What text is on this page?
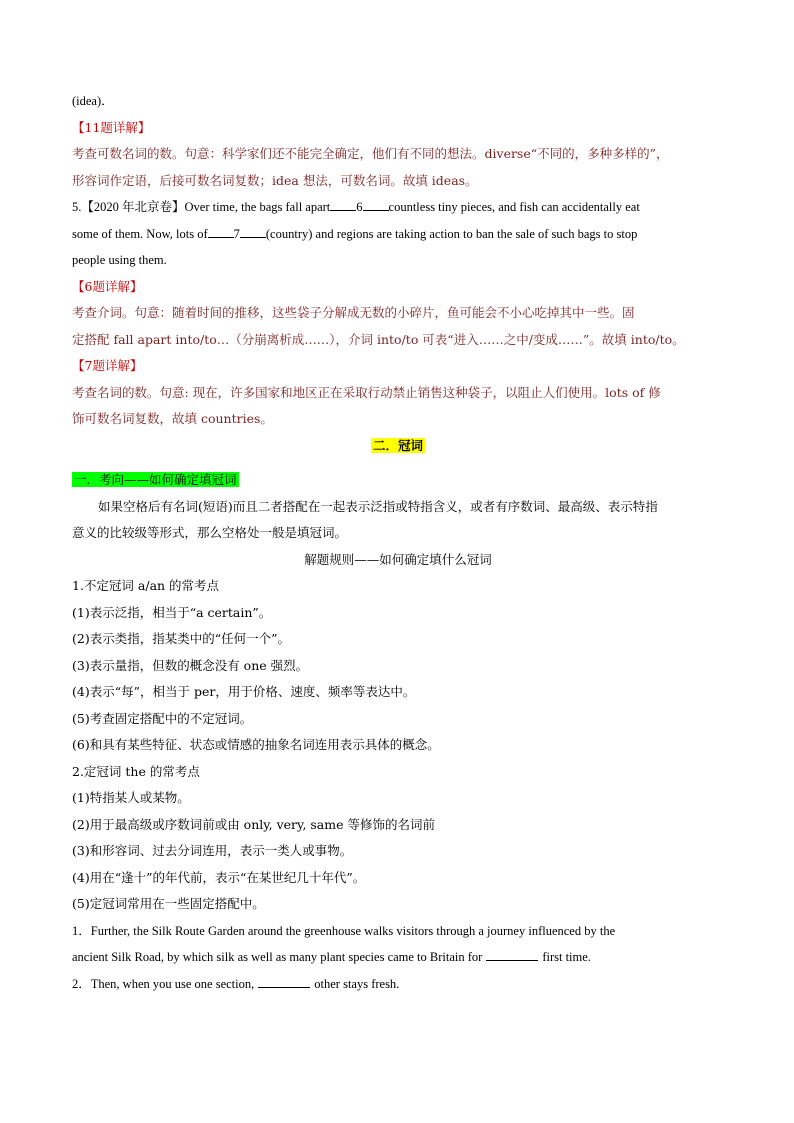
(idea)．
【11题详解】
考查可数名词的数。句意：科学家们还不能完全确定，他们有不同的想法。diverse“不同的，多种多样的”，
形容词作定语，后接可数名词复数；idea 想法，可数名词。故填 ideas。
5.【2020 年北京卷】Over time, the bags fall apart 6 countless tiny pieces, and fish can accidentally eat
some of them. Now, lots of 7 (country) and regions are taking action to ban the sale of such bags to stop
people using them.
【6题详解】
考查介词。句意：随着时间的推移，这些袋子分解成无数的小碎片，鱼可能会不小心吃掉其中一些。固
定搭配 fall apart into/to…（分崩离析成……），介词 into/to 可表“进入……之中/变成……”。故填 into/to。
【7题详解】
考查名词的数。句意: 现在，许多国家和地区正在采取行动禁止销售这种袋子，以阻止人们使用。lots of 修
饰可数名词复数，故填 countries。
二．冠词
一．考向——如何确定填冠词
如果空格后有名词(短语)而且二者搭配在一起表示泛指或特指含义，或者有序数词、最高级、表示特指
意义的比较级等形式，那么空格处一般是填冠词。
解题规则——如何确定填什么冠词
1.不定冠词 a/an 的常考点
(1)表示泛指，相当于“a certain”。
(2)表示类指，指某类中的“任何一个”。
(3)表示量指，但数的概念没有 one 强烈。
(4)表示“每”，相当于 per，用于价格、速度、频率等表达中。
(5)考查固定搭配中的不定冠词。
(6)和具有某些特征、状态或情感的抽象名词连用表示具体的概念。
2.定冠词 the 的常考点
(1)特指某人或某物。
(2)用于最高级或序数词前或由 only, very, same 等修饰的名词前
(3)和形容词、过去分词连用，表示一类人或事物。
(4)用在“逢十”的年代前，表示“在某世纪几十年代”。
(5)定冠词常用在一些固定搭配中。
1．Further, the Silk Route Garden around the greenhouse walks visitors through a journey influenced by the
ancient Silk Road, by which silk as well as many plant species came to Britain for	first time.
2．Then, when you use one section,	other stays fresh.
